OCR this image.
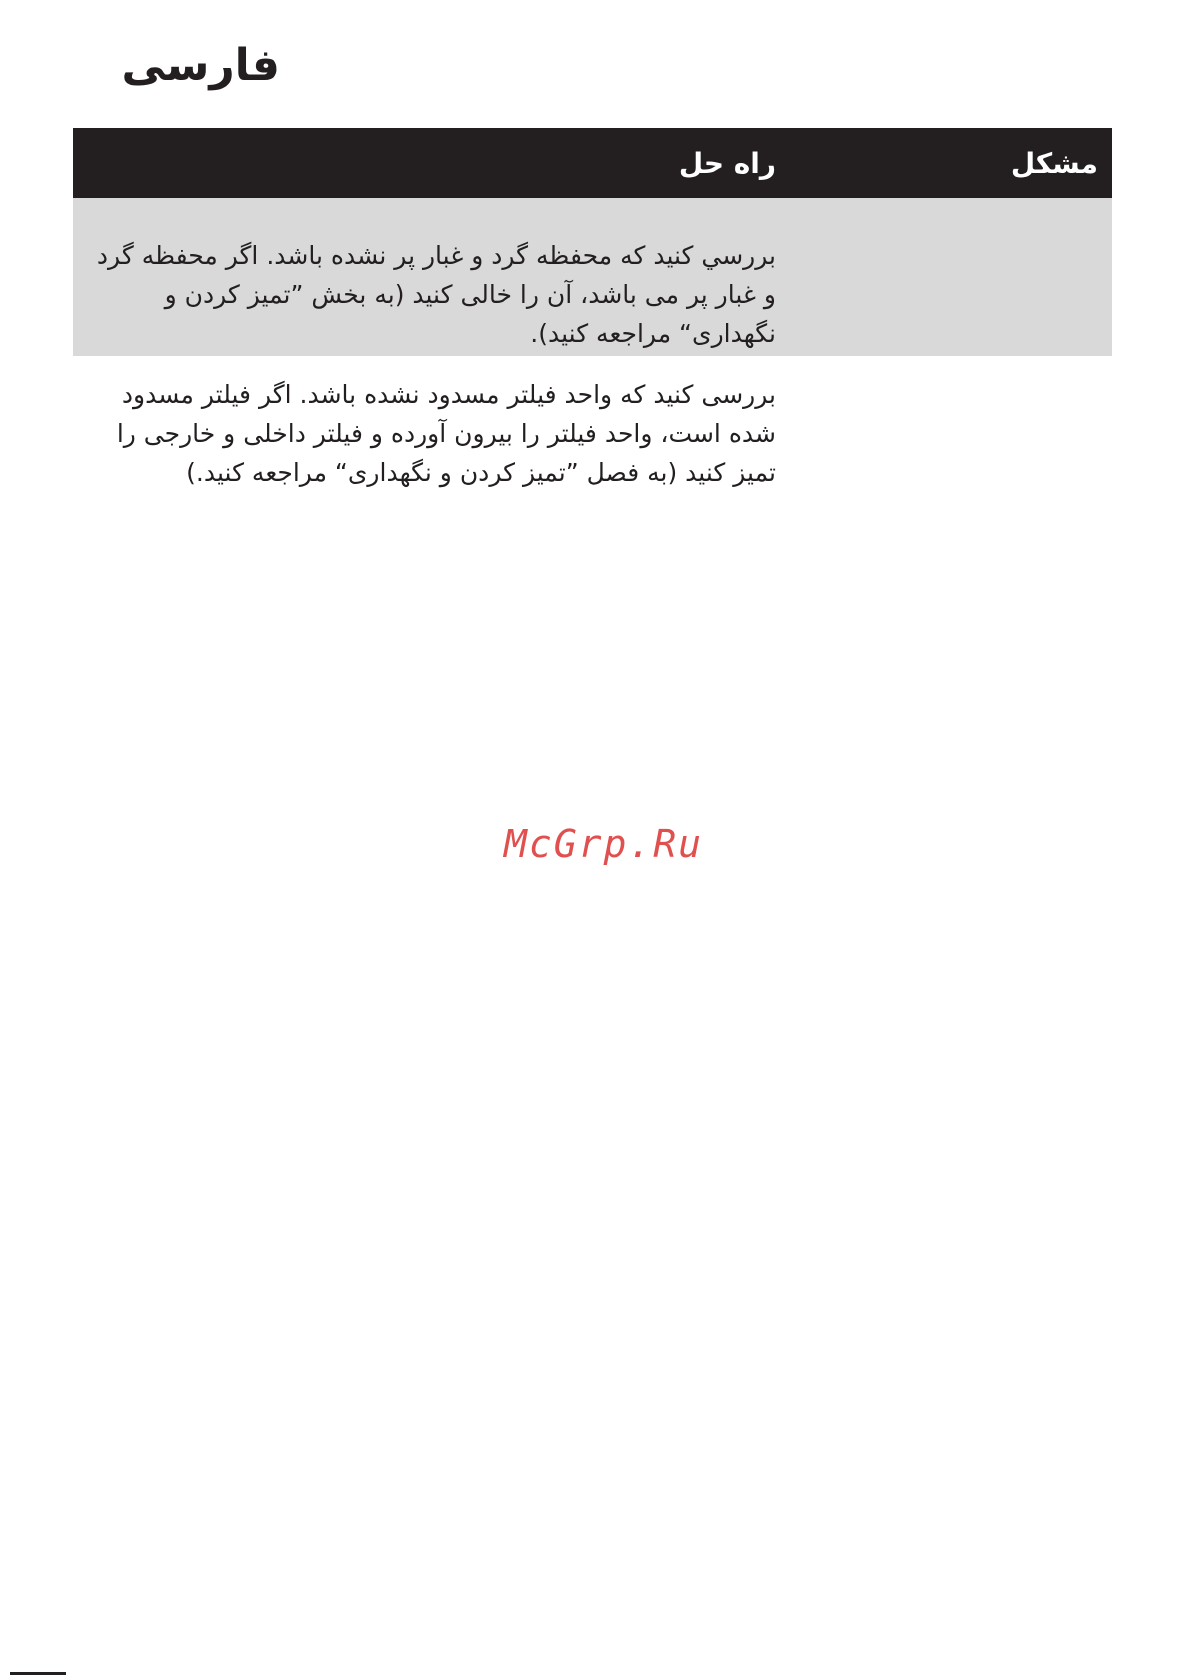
فارسی
مشکل	راه حل
	بررسي کنيد که محفظه گرد و غبار پر نشده باشد. اگر محفظه گرد و غبار پر می باشد، آن را خالی کنيد (به بخش ”تميز کردن و نگهداری“ مراجعه کنيد).
	بررسی کنيد که واحد فيلتر مسدود نشده باشد. اگر فيلتر مسدود شده است، واحد فيلتر را بيرون آورده و فيلتر داخلی و خارجی را تميز کنيد (به فصل ”تميز کردن و نگهداری“ مراجعه کنيد.)
McGrp.Ru
